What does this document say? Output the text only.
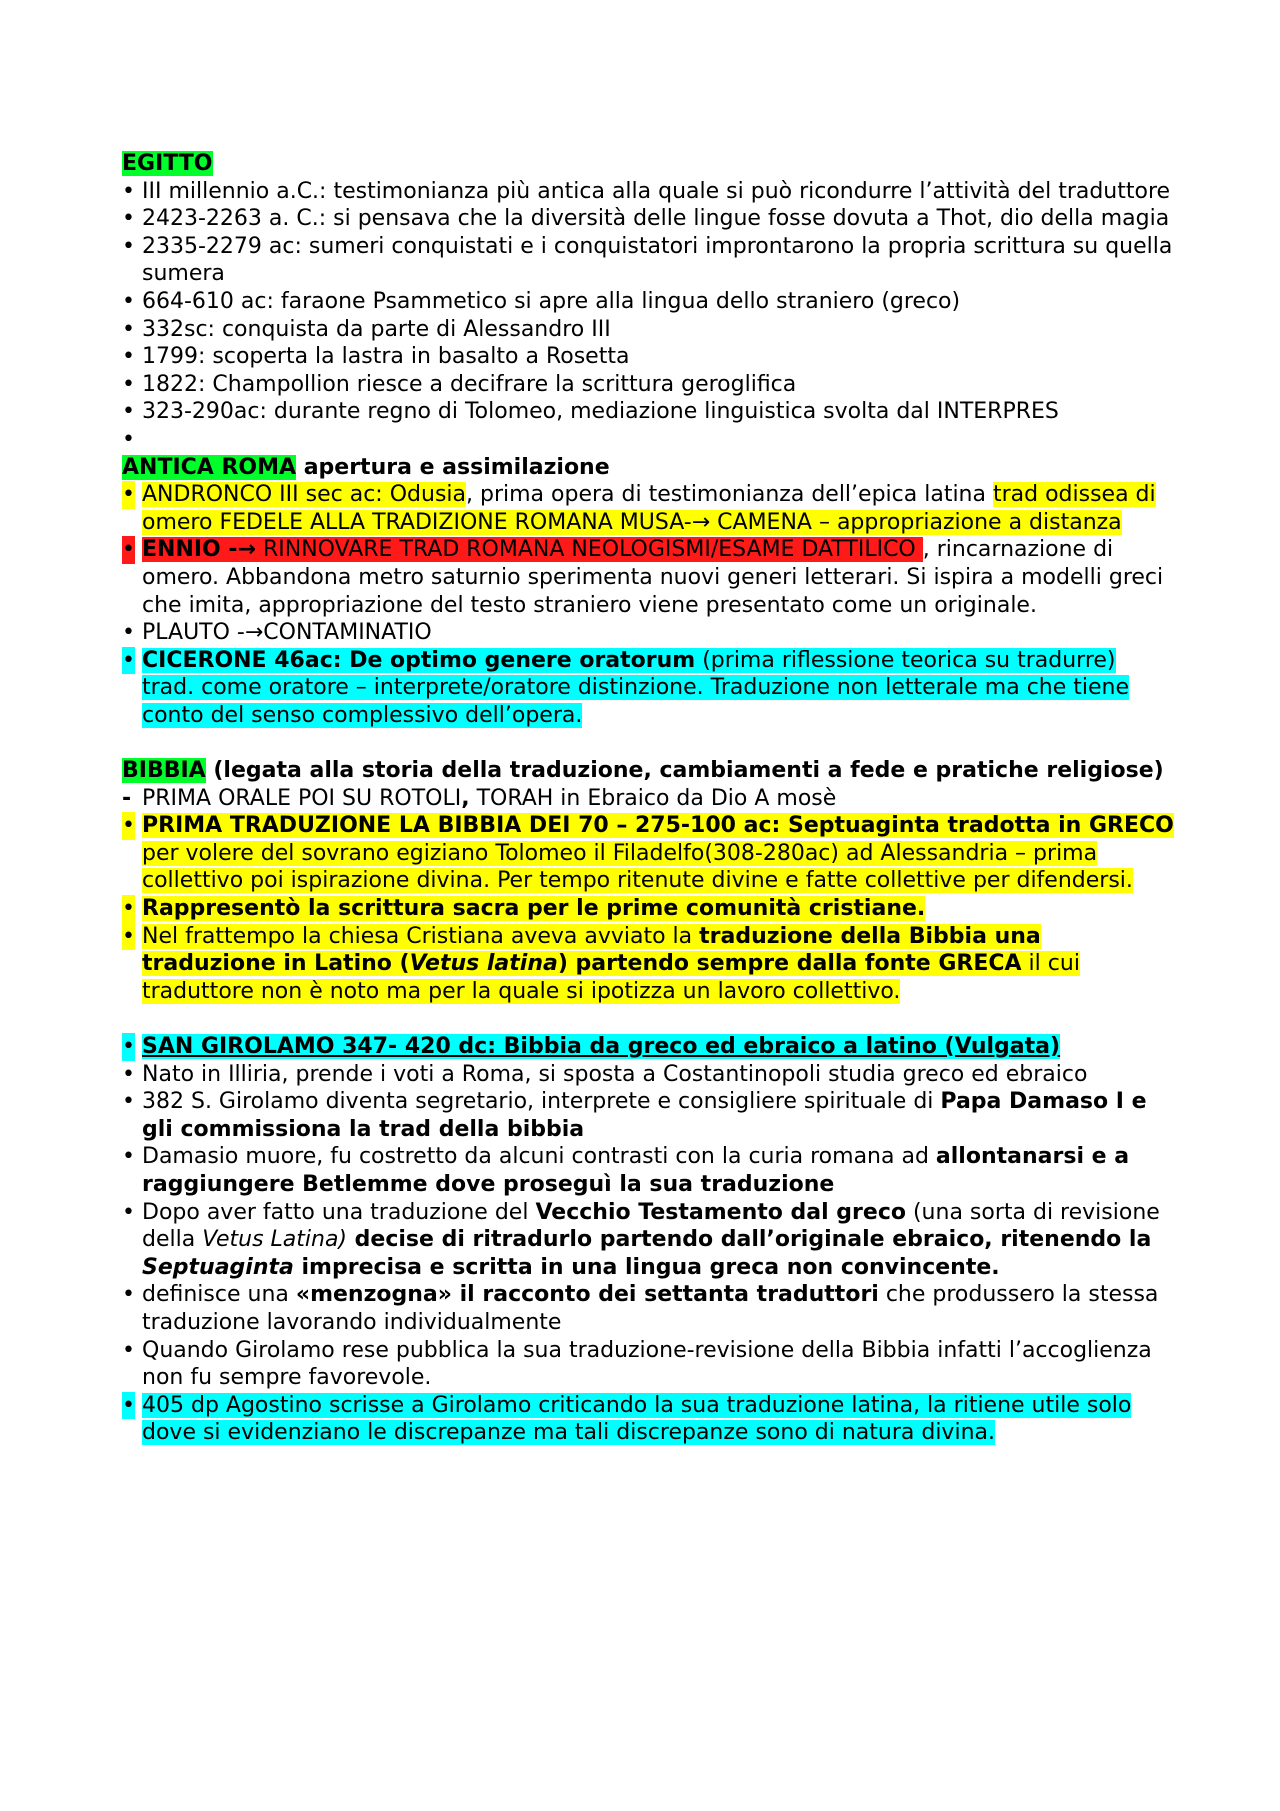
EGITTO
• III millennio a.C.: testimonianza più antica alla quale si può ricondurre l’attività del traduttore
• 2423-2263 a. C.: si pensava che la diversità delle lingue fosse dovuta a Thot, dio della magia
• 2335-2279 ac: sumeri conquistati e i conquistatori improntarono la propria scrittura su quella sumera
• 664-610 ac: faraone Psammetico si apre alla lingua dello straniero (greco)
• 332sc: conquista da parte di Alessandro III
• 1799: scoperta la lastra in basalto a Rosetta
• 1822: Champollion riesce a decifrare la scrittura geroglifica
• 323-290ac: durante regno di Tolomeo, mediazione linguistica svolta dal INTERPRES
•

ANTICA ROMA apertura e assimilazione
• ANDRONCO III sec ac: Odusia, prima opera di testimonianza dell’epica latina trad odissea di omero FEDELE ALLA TRADIZIONE ROMANA MUSA-→ CAMENA – appropriazione a distanza
• ENNIO -→ RINNOVARE TRAD ROMANA NEOLOGISMI/ESAME DATTILICO , rincarnazione di omero. Abbandona metro saturnio sperimenta nuovi generi letterari. Si ispira a modelli greci che imita, appropriazione del testo straniero viene presentato come un originale.
• PLAUTO -→CONTAMINATIO
• CICERONE 46ac: De optimo genere oratorum (prima riflessione teorica su tradurre) trad. come oratore – interprete/oratore distinzione. Traduzione non letterale ma che tiene conto del senso complessivo dell’opera.
BIBBIA (legata alla storia della traduzione, cambiamenti a fede e pratiche religiose)
- PRIMA ORALE POI SU ROTOLI, TORAH in Ebraico da Dio A mosè
• PRIMA TRADUZIONE LA BIBBIA DEI 70 – 275-100 ac: Septuaginta tradotta in GRECO per volere del sovrano egiziano Tolomeo il Filadelfo(308-280ac) ad Alessandria – prima collettivo poi ispirazione divina. Per tempo ritenute divine e fatte collettive per difendersi.
• Rappresentò la scrittura sacra per le prime comunità cristiane.
• Nel frattempo la chiesa Cristiana aveva avviato la traduzione della Bibbia una traduzione in Latino (Vetus latina) partendo sempre dalla fonte GRECA il cui traduttore non è noto ma per la quale si ipotizza un lavoro collettivo.
• SAN GIROLAMO 347- 420 dc: Bibbia da greco ed ebraico a latino (Vulgata)
• Nato in Illiria, prende i voti a Roma, si sposta a Costantinopoli studia greco ed ebraico
• 382 S. Girolamo diventa segretario, interprete e consigliere spirituale di Papa Damaso I e gli commissiona la trad della bibbia
• Damasio muore, fu costretto da alcuni contrasti con la curia romana ad allontanarsi e a raggiungere Betlemme dove proseguì la sua traduzione
• Dopo aver fatto una traduzione del Vecchio Testamento dal greco (una sorta di revisione della Vetus Latina) decise di ritradurlo partendo dall’originale ebraico, ritenendo la Septuaginta imprecisa e scritta in una lingua greca non convincente.
• definisce una «menzogna» il racconto dei settanta traduttori che produssero la stessa traduzione lavorando individualmente
• Quando Girolamo rese pubblica la sua traduzione-revisione della Bibbia infatti l’accoglienza non fu sempre favorevole.
• 405 dp Agostino scrisse a Girolamo criticando la sua traduzione latina, la ritiene utile solo dove si evidenziano le discrepanze ma tali discrepanze sono di natura divina.
